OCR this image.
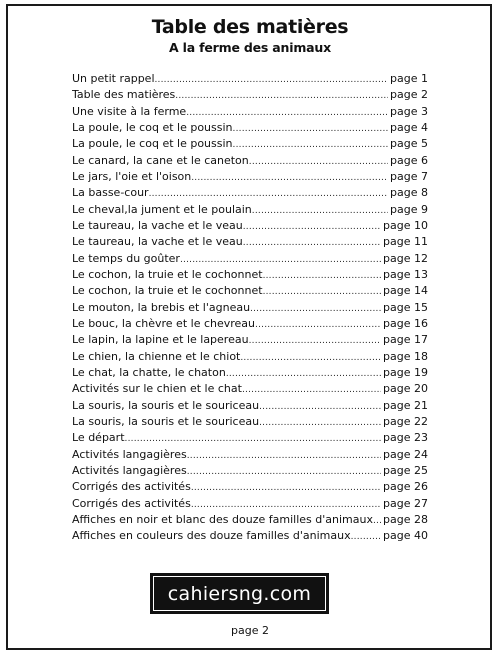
Table des matières
A la ferme des animaux
Un petit rappel .....	page 1
Table des matières .....	page 2
Une visite à la ferme .....	page 3
La poule, le coq et le poussin .....	page 4
La poule, le coq et le poussin .....	page 5
Le canard, la cane et le caneton .....	page 6
Le jars, l'oie et l'oison .....	page 7
La basse-cour .....	page 8
Le cheval,la jument et le poulain .....	page 9
Le taureau, la vache et le veau .....	page 10
Le taureau, la vache et le veau .....	page 11
Le temps du goûter .....	page 12
Le cochon, la truie et le cochonnet .....	page 13
Le cochon, la truie et le cochonnet .....	page 14
Le mouton, la brebis et l'agneau .....	page 15
Le bouc, la chèvre et le chevreau .....	page 16
Le lapin, la lapine et le lapereau .....	page 17
Le chien, la chienne et le chiot .....	page 18
Le chat, la chatte, le chaton .....	page 19
Activités sur le chien et le chat .....	page 20
La souris, la souris et le souriceau .....	page 21
La souris, la souris et le souriceau .....	page 22
Le départ .....	page 23
Activités langagières .....	page 24
Activités langagières .....	page 25
Corrigés des activités .....	page 26
Corrigés des activités .....	page 27
Affiches en noir et blanc des douze familles d'animaux ..... page 28
Affiches en couleurs des douze familles d'animaux .....	page 40
cahiersng.com
page 2
